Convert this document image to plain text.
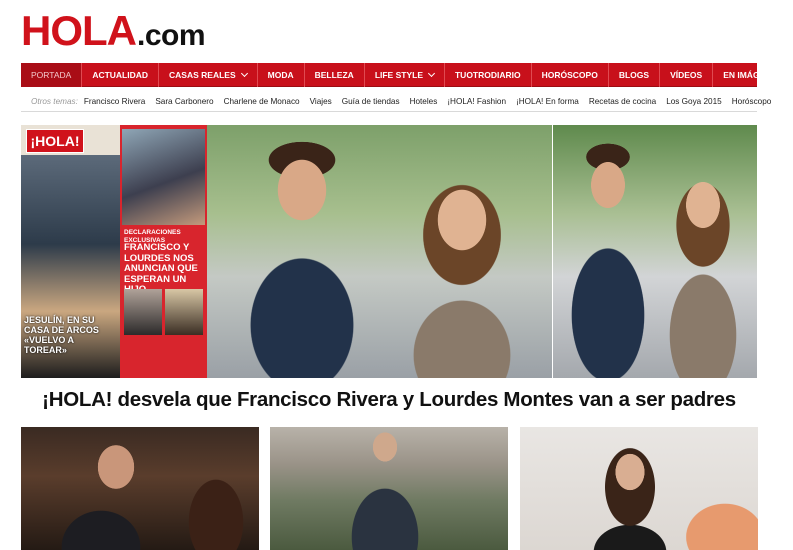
HOLA .com
PORTADA ACTUALIDAD CASAS REALES	MODA BELLEZA LIFE STYLE	TUOTRODIARIO HORÓSCOPO BLOGS VÍDEOS EN IMÁGENES
Otros temas: Francisco Rivera Sara Carbonero Charlene de Monaco Viajes Guía de tiendas Hoteles ¡HOLA! Fashion ¡HOLA! En forma Recetas de cocina Los Goya 2015 Horóscopo
¡HOLA!
JESULÍN, EN SU CASA DE ARCOS «VUELVO A TOREAR»
DECLARACIONES EXCLUSIVAS
FRANCISCO Y LOURDES NOS ANUNCIAN QUE ESPERAN UN
¡HOLA! desvela que Francisco Rivera y Lourdes Montes van a ser padres
